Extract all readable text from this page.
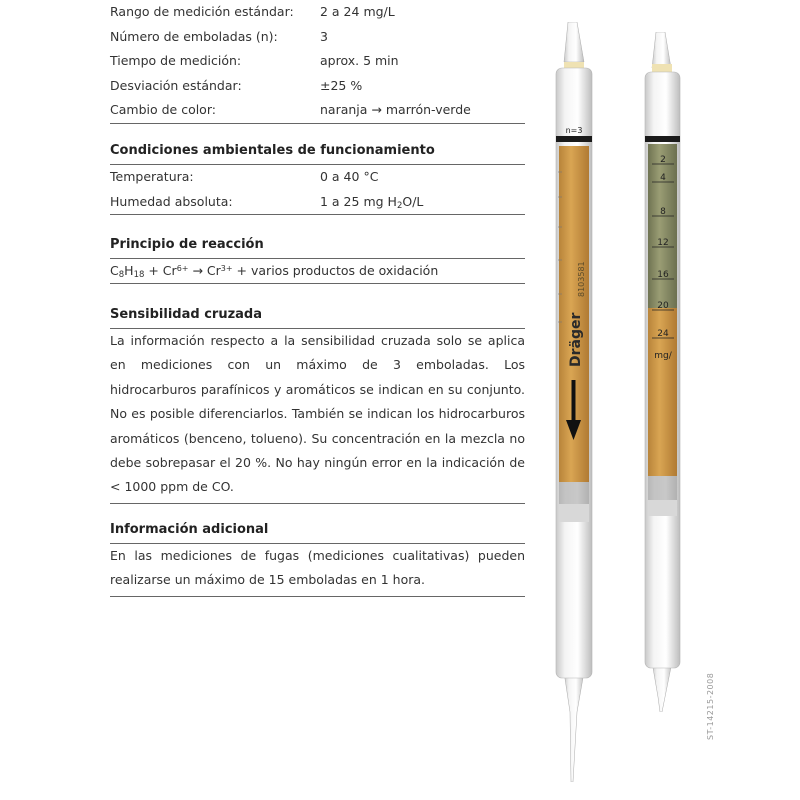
Rango de medición estándar: 2 a 24 mg/L
Número de emboladas (n):	3
Tiempo de medición:	aprox. 5 min
Desviación estándar:	±25 %
Cambio de color:	naranja → marrón-verde
Condiciones ambientales de funcionamiento
Temperatura:	0 a 40 °C
Humedad absoluta:	1 a 25 mg $H_2O/L$
Principio de reacción
$C_8H_{18} + Cr^{6+} \to Cr^{3+}$ + varios productos de oxidación
Sensibilidad cruzada
La información respecto a la sensibilidad cruzada solo se aplica en mediciones con un máximo de 3 emboladas. Los hidrocarburos parafínicos y aromáticos se indican en su conjunto. No es posible diferenciarlos. También se indican los hidrocarburos aromáticos (benceno, tolueno). Su concentración en la mezcla no debe sobrepasar el 20 %. No hay ningún error en la indicación de < 1000 ppm de CO.
Información adicional
En las mediciones de fugas (mediciones cualitativas) pueden realizarse un máximo de 15 emboladas en 1 hora.
n=3
Dräger
8103581
2
4
8
12
16
20
24
mg/
ST-14215-2008
